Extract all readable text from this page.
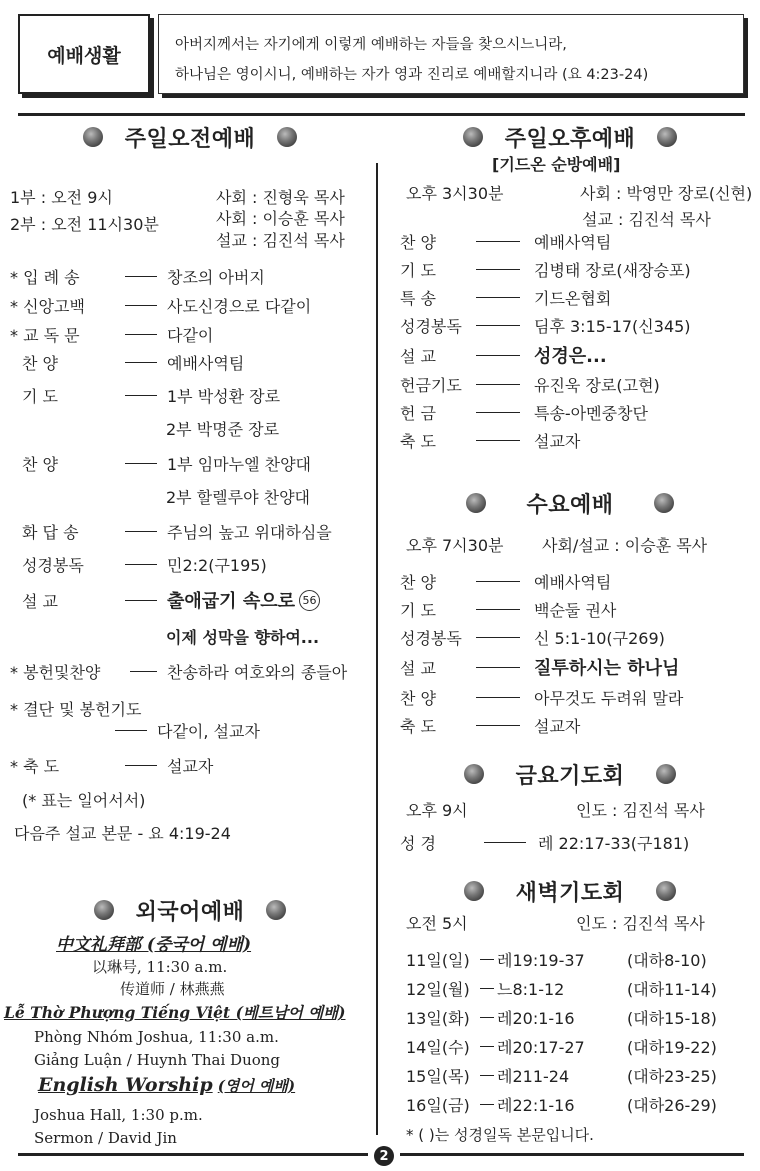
예배생활	아버지께서는 자기에게 이렇게 예배하는 자들을 찾으시느니라,
하나님은 영이시니, 예배하는 자가 영과 진리로 예배할지니라 (요 4:23-24)
주일오전예배
1부 : 오전 9시
2부 : 오전 11시30분
사회 : 진형욱 목사
사회 : 이승훈 목사
설교 : 김진석 목사
* 입 례 송	창조의 아버지
* 신앙고백	사도신경으로 다같이
* 교 독 문	다같이
찬 양	예배사역팀
기 도	1부 박성환 장로
2부 박명준 장로
찬 양	1부 임마누엘 찬양대
2부 할렐루야 찬양대
화 답 송	주님의 높고 위대하심을
성경봉독	민2:2(구195)
설 교	출애굽기 속으로 56
이제 성막을 향하여...
* 봉헌및찬양	찬송하라 여호와의 종들아
* 결단 및 봉헌기도
다같이, 설교자
* 축 도	설교자
(* 표는 일어서서)
다음주 설교 본문 - 요 4:19-24
외국어예배
中文礼拜部 (중국어 예배)
以琳号, 11:30 a.m.
传道师 / 林燕燕
Lễ Thờ Phượng Tiếng Việt (베트남어 예배)
Phòng Nhóm Joshua, 11:30 a.m.
Giảng Luận / Huynh Thai Duong
English Worship (영어 예배)
Joshua Hall, 1:30 p.m.
Sermon / David Jin
주일오후예배
[기드온 순방예배]
오후 3시30분	사회 : 박영만 장로(신현)
설교 : 김진석 목사
찬 양	예배사역팀
기 도	김병태 장로(새장승포)
특 송	기드온협회
성경봉독	딤후 3:15-17(신345)
설 교	성경은...
헌금기도	유진욱 장로(고현)
헌 금	특송-아멘중창단
축 도	설교자
수요예배
오후 7시30분 사회/설교 : 이승훈 목사
찬 양	예배사역팀
기 도	백순둘 권사
성경봉독	신 5:1-10(구269)
설 교	질투하시는 하나님
찬 양	아무것도 두려워 말라
축 도	설교자
금요기도회
오후 9시	인도 : 김진석 목사
성 경	레 22:17-33(구181)
새벽기도회
오전 5시	인도 : 김진석 목사
11일(일)	레19:19-37	(대하8-10)
12일(월)	느8:1-12	(대하11-14)
13일(화)	레20:1-16	(대하15-18)
14일(수)	레20:17-27	(대하19-22)
15일(목)	레211-24	(대하23-25)
16일(금)	레22:1-16	(대하26-29)
* ( )는 성경일독 본문입니다.
2
